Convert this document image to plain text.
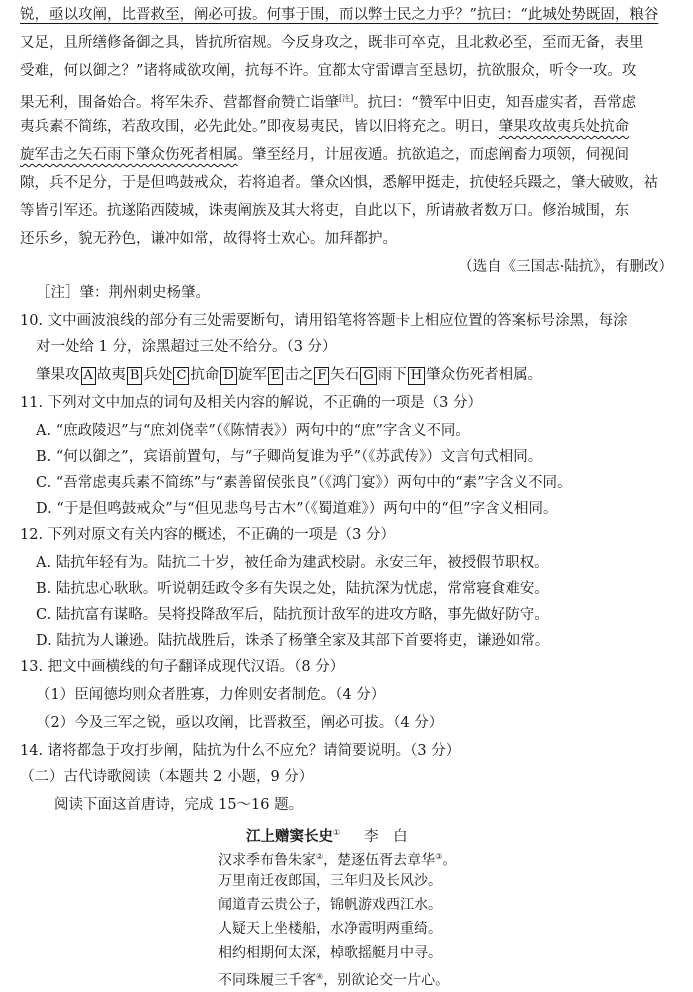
锐，亟以攻阐，比晋救至，阐必可拔。何事于围，而以弊士民之力乎？”抗曰：“此城处势既固，粮谷
又足，且所缮修备御之具，皆抗所宿规。今反身攻之，既非可卒克，且北救必至，至而无备，表里
受难，何以御之？”诸将咸欲攻阐，抗每不许。宜都太守雷谭言至恳切，抗欲服众，听令一攻。攻
果无利，围备始合。将军朱乔、营都督俞赞亡诣肇[注]。抗曰：“赞军中旧吏，知吾虚实者，吾常虑
夷兵素不简练，若敌攻围，必先此处。”即夜易夷民，皆以旧将充之。明日，肇果攻故夷兵处抗命
旋军击之矢石雨下肇众伤死者相属。肇至经月，计屈夜遁。抗欲追之，而虑阐畜力项领，伺视间
隙，兵不足分，于是但鸣鼓戒众，若将追者。肇众凶惧，悉解甲挺走，抗使轻兵蹑之，肇大破败，祜
等皆引军还。抗遂陷西陵城，诛夷阐族及其大将吏，自此以下，所请赦者数万口。修治城围，东
还乐乡，貌无矜色，谦冲如常，故得将士欢心。加拜都护。
（选自《三国志·陆抗》，有删改）
［注］肇：荆州刺史杨肇。
10. 文中画波浪线的部分有三处需要断句，请用铅笔将答题卡上相应位置的答案标号涂黑，每涂
对一处给 1 分，涂黑超过三处不给分。（3 分）
肇果攻 A 故夷 B 兵处 C 抗命 D 旋军 E 击之 F 矢石 G 雨下 H 肇众伤死者相属。
11. 下列对文中加点的词句及相关内容的解说，不正确的一项是（3 分）
A. “庶政陵迟”与“庶刘侥幸”（《陈情表》）两句中的“庶”字含义不同。
B. “何以御之”，宾语前置句，与“子卿尚复谁为乎”（《苏武传》）文言句式相同。
C. “吾常虑夷兵素不简练”与“素善留侯张良”（《鸿门宴》）两句中的“素”字含义不同。
D. “于是但鸣鼓戒众”与“但见悲鸟号古木”（《蜀道难》）两句中的“但”字含义相同。
12. 下列对原文有关内容的概述，不正确的一项是（3 分）
A. 陆抗年轻有为。陆抗二十岁，被任命为建武校尉。永安三年，被授假节职权。
B. 陆抗忠心耿耿。听说朝廷政令多有失误之处，陆抗深为忧虑，常常寝食难安。
C. 陆抗富有谋略。吴将投降敌军后，陆抗预计敌军的进攻方略，事先做好防守。
D. 陆抗为人谦逊。陆抗战胜后，诛杀了杨肇全家及其部下首要将吏，谦逊如常。
13. 把文中画横线的句子翻译成现代汉语。（8 分）
（1）臣闻德均则众者胜寡，力侔则安者制危。（4 分）
（2）今及三军之锐，亟以攻阐，比晋救至，阐必可拔。（4 分）
14. 诸将都急于攻打步阐，陆抗为什么不应允？请简要说明。（3 分）
（二）古代诗歌阅读（本题共 2 小题，9 分）
阅读下面这首唐诗，完成 15～16 题。
江上赠窦长史① 李　白
汉求季布鲁朱家②，楚逐伍胥去章华③。
万里南迁夜郎国，三年归及长风沙。
闻道青云贵公子，锦帆游戏西江水。
人疑天上坐楼船，水净霞明两重绮。
相约相期何太深，棹歌摇艇月中寻。
不同珠履三千客④，别欲论交一片心。
